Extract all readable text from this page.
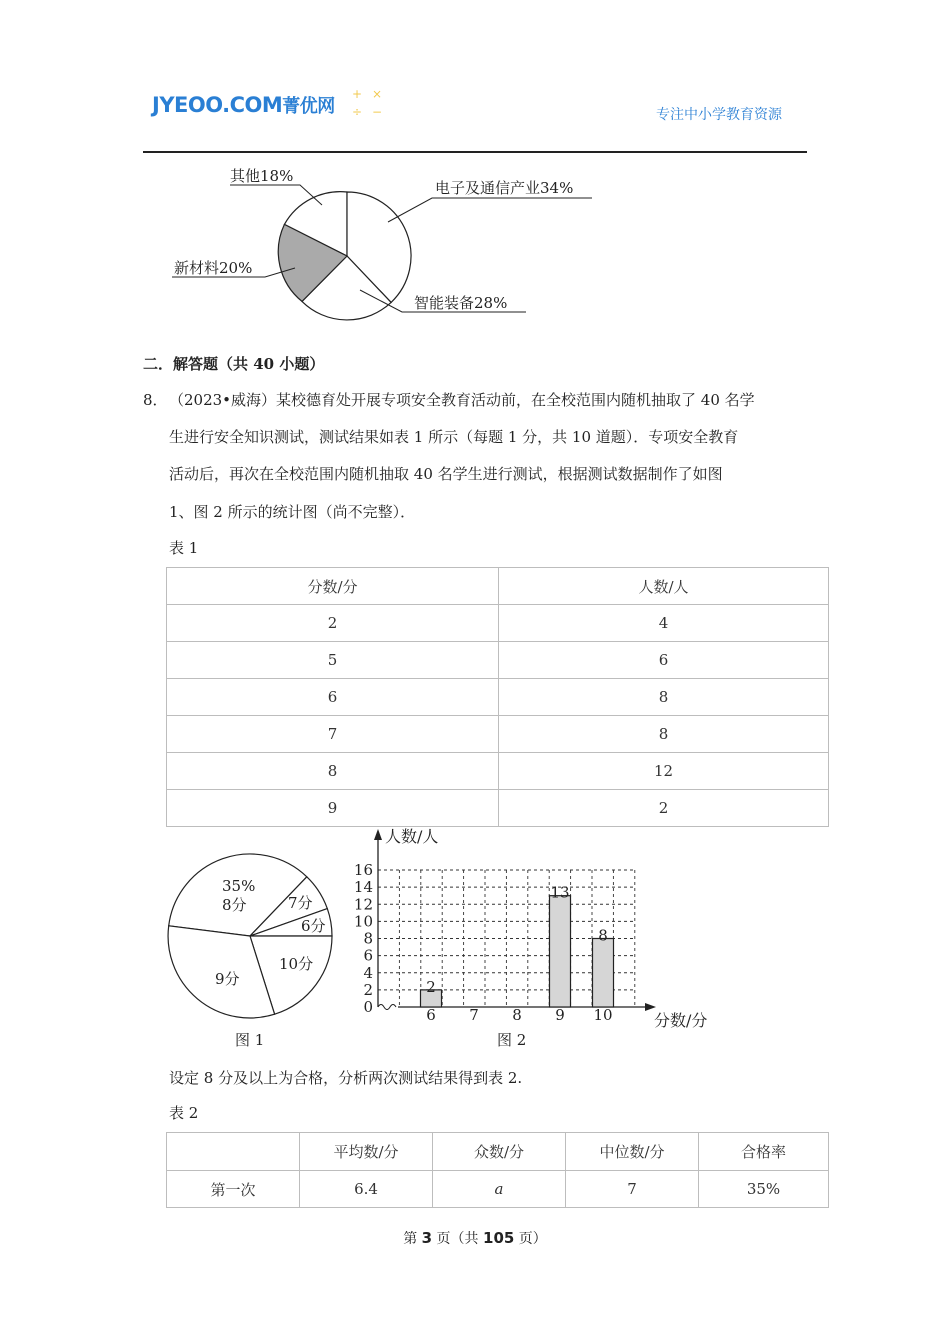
JYEOO.COM菁优网
+ ×
÷ −	专注中小学教育资源
其他18%
电子及通信产业34%
新材料20%
智能装备28%
二．解答题（共 40 小题）
8． （2023•威海）某校德育处开展专项安全教育活动前，在全校范围内随机抽取了 40 名学
生进行安全知识测试，测试结果如表 1 所示（每题 1 分，共 10 道题）．专项安全教育
活动后，再次在全校范围内随机抽取 40 名学生进行测试，根据测试数据制作了如图
1、图 2 所示的统计图（尚不完整）．
表 1
分数/分	人数/人
2	4
5	6
6	8
7	8
8	12
9	2
35%
8分	7分
6分
10分
9分
图 1
人数/人
分数/分
0
2
4
6
8
10
12
14
16
2
13
8
6 7 8 9 10
图 2
设定 8 分及以上为合格，分析两次测试结果得到表 2.
表 2
	平均数/分	众数/分	中位数/分	合格率
第一次	6.4	a	7	35%
第 3 页（共 105 页）
